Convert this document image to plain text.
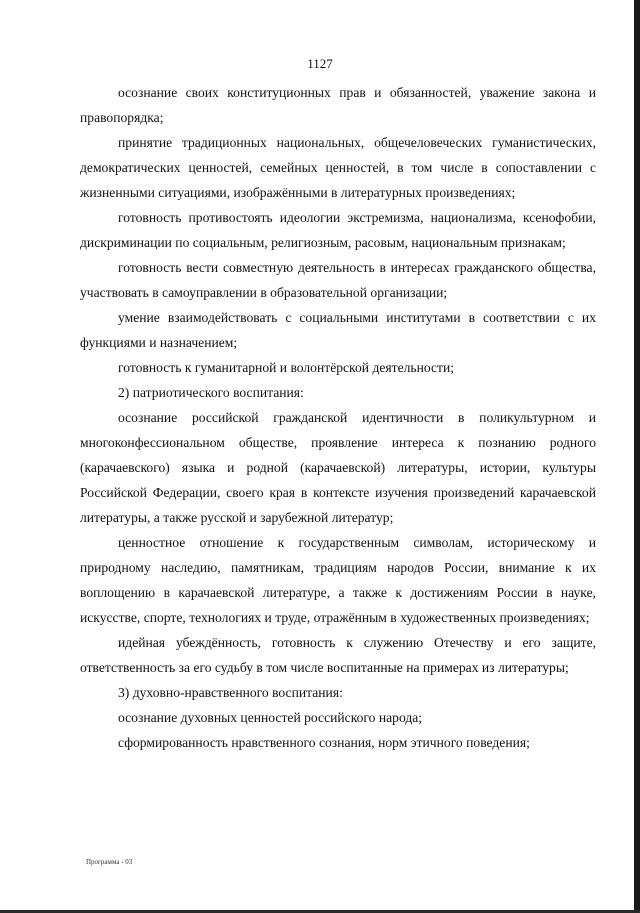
1127

осознание своих конституционных прав и обязанностей, уважение закона и правопорядка;

принятие традиционных национальных, общечеловеческих гуманистических, демократических ценностей, семейных ценностей, в том числе в сопоставлении с жизненными ситуациями, изображёнными в литературных произведениях;

готовность противостоять идеологии экстремизма, национализма, ксенофобии, дискриминации по социальным, религиозным, расовым, национальным признакам;

готовность вести совместную деятельность в интересах гражданского общества, участвовать в самоуправлении в образовательной организации;

умение взаимодействовать с социальными институтами в соответствии с их функциями и назначением;

готовность к гуманитарной и волонтёрской деятельности;

2) патриотического воспитания:

осознание российской гражданской идентичности в поликультурном и многоконфессиональном обществе, проявление интереса к познанию родного (карачаевского) языка и родной (карачаевской) литературы, истории, культуры Российской Федерации, своего края в контексте изучения произведений карачаевской литературы, а также русской и зарубежной литератур;

ценностное отношение к государственным символам, историческому и природному наследию, памятникам, традициям народов России, внимание к их воплощению в карачаевской литературе, а также к достижениям России в науке, искусстве, спорте, технологиях и труде, отражённым в художественных произведениях;

идейная убеждённость, готовность к служению Отечеству и его защите, ответственность за его судьбу в том числе воспитанные на примерах из литературы;

3) духовно-нравственного воспитания:

осознание духовных ценностей российского народа;

сформированность нравственного сознания, норм этичного поведения;

Программа - 03
